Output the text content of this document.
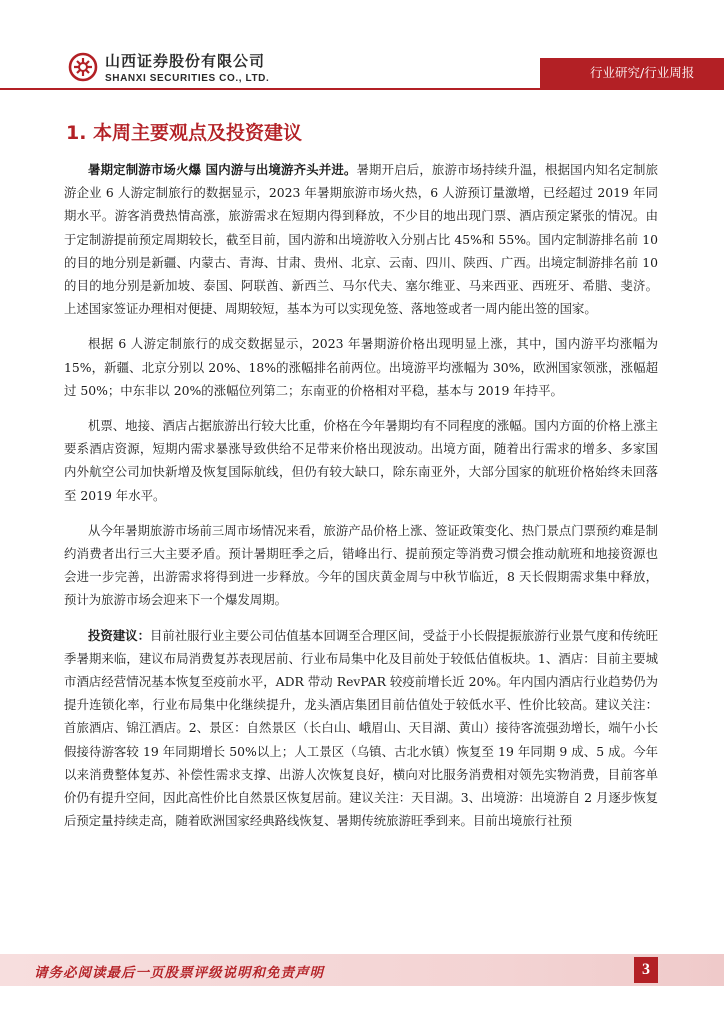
山西证券股份有限公司
SHANXI SECURITIES CO., LTD.	行业研究/行业周报
1. 本周主要观点及投资建议

暑期定制游市场火爆 国内游与出境游齐头并进。暑期开启后，旅游市场持续升温，根据国内知名定制旅游企业 6 人游定制旅行的数据显示，2023 年暑期旅游市场火热，6 人游预订量激增，已经超过 2019 年同期水平。游客消费热情高涨，旅游需求在短期内得到释放，不少目的地出现门票、酒店预定紧张的情况。由于定制游提前预定周期较长，截至目前，国内游和出境游收入分别占比 45%和 55%。国内定制游排名前 10 的目的地分别是新疆、内蒙古、青海、甘肃、贵州、北京、云南、四川、陕西、广西。出境定制游排名前 10 的目的地分别是新加坡、泰国、阿联酋、新西兰、马尔代夫、塞尔维亚、马来西亚、西班牙、希腊、斐济。上述国家签证办理相对便捷、周期较短，基本为可以实现免签、落地签或者一周内能出签的国家。

根据 6 人游定制旅行的成交数据显示，2023 年暑期游价格出现明显上涨，其中，国内游平均涨幅为 15%，新疆、北京分别以 20%、18%的涨幅排名前两位。出境游平均涨幅为 30%，欧洲国家领涨，涨幅超过 50%；中东非以 20%的涨幅位列第二；东南亚的价格相对平稳，基本与 2019 年持平。

机票、地接、酒店占据旅游出行较大比重，价格在今年暑期均有不同程度的涨幅。国内方面的价格上涨主要系酒店资源，短期内需求暴涨导致供给不足带来价格出现波动。出境方面，随着出行需求的增多、多家国内外航空公司加快新增及恢复国际航线，但仍有较大缺口，除东南亚外，大部分国家的航班价格始终未回落至 2019 年水平。

从今年暑期旅游市场前三周市场情况来看，旅游产品价格上涨、签证政策变化、热门景点门票预约难是制约消费者出行三大主要矛盾。预计暑期旺季之后，错峰出行、提前预定等消费习惯会推动航班和地接资源也会进一步完善，出游需求将得到进一步释放。今年的国庆黄金周与中秋节临近，8 天长假期需求集中释放，预计为旅游市场会迎来下一个爆发周期。

投资建议：目前社服行业主要公司估值基本回调至合理区间，受益于小长假提振旅游行业景气度和传统旺季暑期来临，建议布局消费复苏表现居前、行业布局集中化及目前处于较低估值板块。1、酒店：目前主要城市酒店经营情况基本恢复至疫前水平，ADR 带动 RevPAR 较疫前增长近 20%。年内国内酒店行业趋势仍为提升连锁化率，行业布局集中化继续提升，龙头酒店集团目前估值处于较低水平、性价比较高。建议关注：首旅酒店、锦江酒店。2、景区：自然景区（长白山、峨眉山、天目湖、黄山）接待客流强劲增长，端午小长假接待游客较 19 年同期增长 50%以上；人工景区（乌镇、古北水镇）恢复至 19 年同期 9 成、5 成。今年以来消费整体复苏、补偿性需求支撑、出游人次恢复良好，横向对比服务消费相对领先实物消费，目前客单价仍有提升空间，因此高性价比自然景区恢复居前。建议关注：天目湖。3、出境游：出境游自 2 月逐步恢复后预定量持续走高，随着欧洲国家经典路线恢复、暑期传统旅游旺季到来。目前出境旅行社预

请务必阅读最后一页股票评级说明和免责声明	3
